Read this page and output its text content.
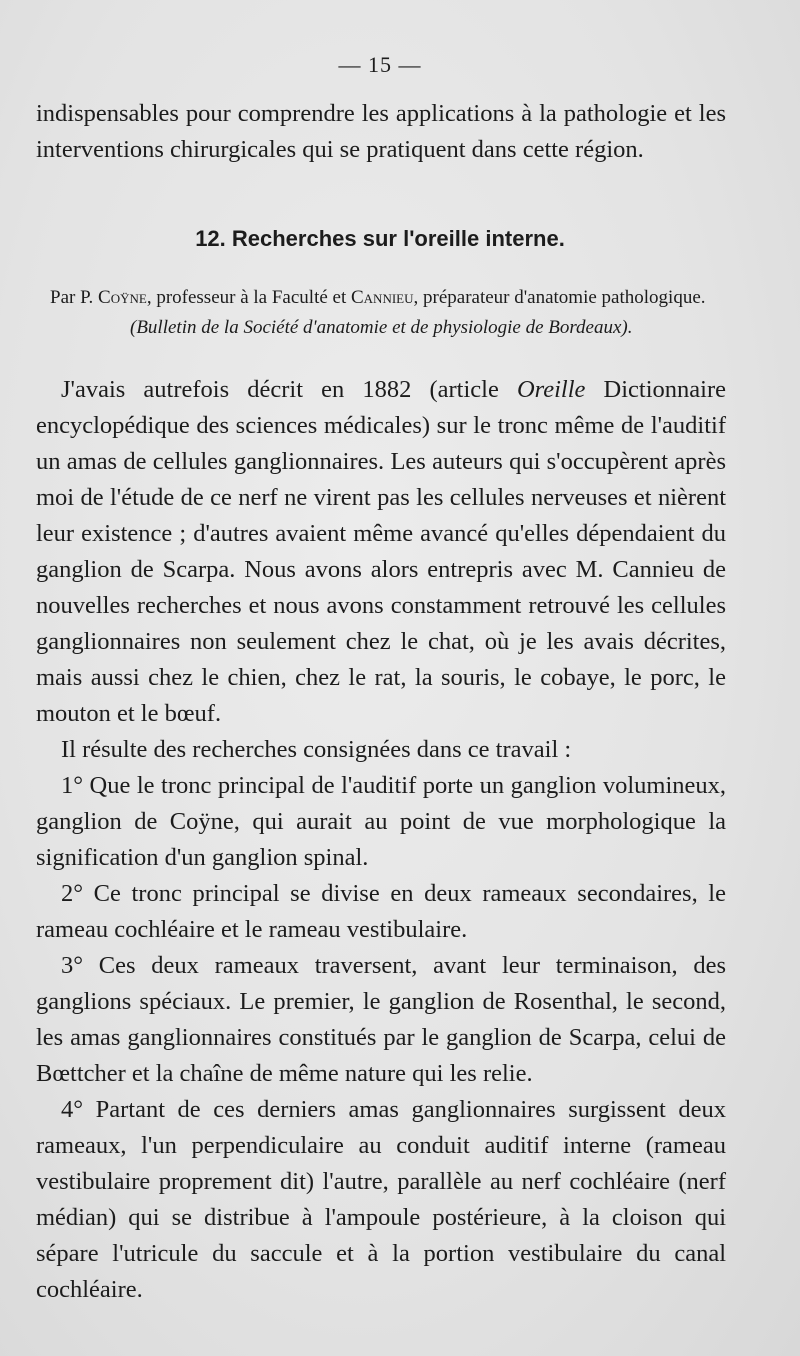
— 15 —
indispensables pour comprendre les applications à la pathologie et les interventions chirurgicales qui se pratiquent dans cette région.
12. Recherches sur l'oreille interne.
Par P. Coÿne, professeur à la Faculté et Cannieu, préparateur d'anatomie pathologique.
(Bulletin de la Société d'anatomie et de physiologie de Bordeaux).

J'avais autrefois décrit en 1882 (article Oreille Dictionnaire encyclopédique des sciences médicales) sur le tronc même de l'auditif un amas de cellules ganglionnaires. Les auteurs qui s'occupèrent après moi de l'étude de ce nerf ne virent pas les cellules nerveuses et nièrent leur existence ; d'autres avaient même avancé qu'elles dépendaient du ganglion de Scarpa. Nous avons alors entrepris avec M. Cannieu de nouvelles recherches et nous avons constamment retrouvé les cellules ganglionnaires non seulement chez le chat, où je les avais décrites, mais aussi chez le chien, chez le rat, la souris, le cobaye, le porc, le mouton et le bœuf.

Il résulte des recherches consignées dans ce travail :

1° Que le tronc principal de l'auditif porte un ganglion volumineux, ganglion de Coÿne, qui aurait au point de vue morphologique la signification d'un ganglion spinal.

2° Ce tronc principal se divise en deux rameaux secondaires, le rameau cochléaire et le rameau vestibulaire.

3° Ces deux rameaux traversent, avant leur terminaison, des ganglions spéciaux. Le premier, le ganglion de Rosenthal, le second, les amas ganglionnaires constitués par le ganglion de Scarpa, celui de Bœttcher et la chaîne de même nature qui les relie.

4° Partant de ces derniers amas ganglionnaires surgissent deux rameaux, l'un perpendiculaire au conduit auditif interne (rameau vestibulaire proprement dit) l'autre, parallèle au nerf cochléaire (nerf médian) qui se distribue à l'ampoule postérieure, à la cloison qui sépare l'utricule du saccule et à la portion vestibulaire du canal cochléaire.
